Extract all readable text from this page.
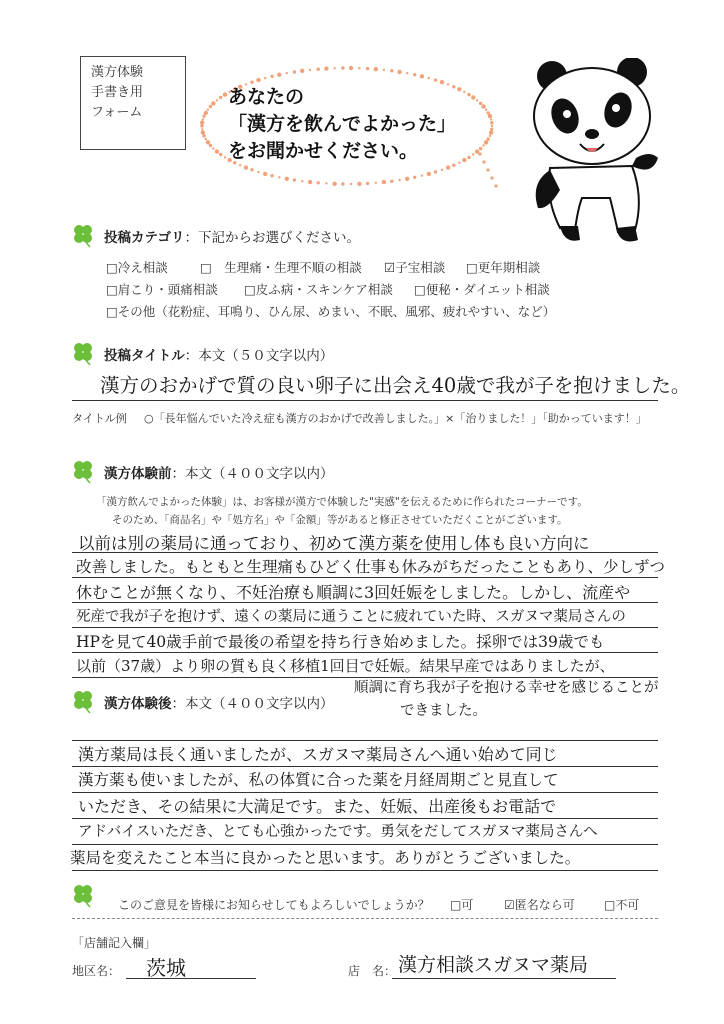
漢方体験
手書き用
フォーム
あなたの
「漢方を飲んでよかった」
をお聞かせください。
投稿カテゴリ：下記からお選びください。
□冷え相談	□　生理痛・生理不順の相談 ☑子宝相談 □更年期相談
□肩こり・頭痛相談 □皮ふ病・スキンケア相談 □便秘・ダイエット相談
□その他（花粉症、耳鳴り、ひん尿、めまい、不眠、風邪、疲れやすい、など）
投稿タイトル：本文（５０文字以内）
漢方のおかげで質の良い卵子に出会え40歳で我が子を抱けました。
タイトル例 ○「長年悩んでいた冷え症も漢方のおかげで改善しました。」×「治りました！」「助かっています！」
漢方体験前：本文（４００文字以内）
「漢方飲んでよかった体験」は、お客様が漢方で体験した"実感"を伝えるために作られたコーナーです。
そのため、「商品名」や「処方名」や「金額」等があると修正させていただくことがございます。
以前は別の薬局に通っており、初めて漢方薬を使用し体も良い方向に
改善しました。もともと生理痛もひどく仕事も休みがちだったこともあり、少しずつ
休むことが無くなり、不妊治療も順調に3回妊娠をしました。しかし、流産や
死産で我が子を抱けず、遠くの薬局に通うことに疲れていた時、スガヌマ薬局さんの
HPを見て40歳手前で最後の希望を持ち行き始めました。採卵では39歳でも
以前（37歳）より卵の質も良く移植1回目で妊娠。結果早産ではありましたが、
順調に育ち我が子を抱ける幸せを感じることが
できました。
漢方体験後：本文（４００文字以内）
漢方薬局は長く通いましたが、スガヌマ薬局さんへ通い始めて同じ
漢方薬も使いましたが、私の体質に合った薬を月経周期ごと見直して
いただき、その結果に大満足です。また、妊娠、出産後もお電話で
アドバイスいただき、とても心強かったです。勇気をだしてスガヌマ薬局さんへ
薬局を変えたこと本当に良かったと思います。ありがとうございました。
このご意見を皆様にお知らせしてもよろしいでしょうか？ □可	☑匿名なら可 □不可
「店舗記入欄」
地区名： 茨城	店　名： 漢方相談スガヌマ薬局
